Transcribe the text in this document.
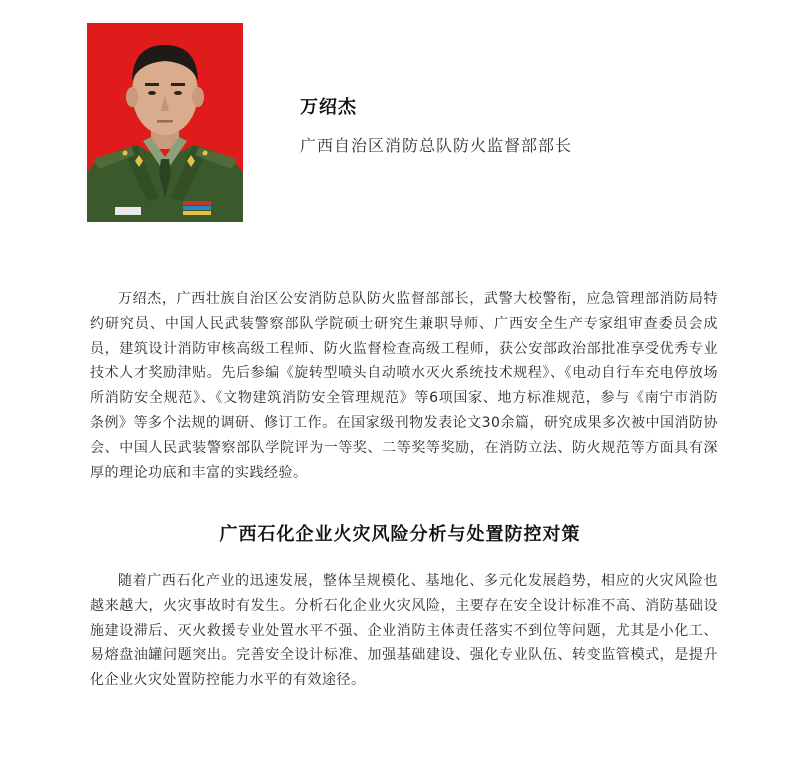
万绍杰
广西自治区消防总队防火监督部部长

万绍杰，广西壮族自治区公安消防总队防火监督部部长，武警大校警衔，应急管理部消防局特约研究员、中国人民武装警察部队学院硕士研究生兼职导师、广西安全生产专家组审查委员会成员，建筑设计消防审核高级工程师、防火监督检查高级工程师，获公安部政治部批准享受优秀专业技术人才奖励津贴。先后参编《旋转型喷头自动喷水灭火系统技术规程》、《电动自行车充电停放场所消防安全规范》、《文物建筑消防安全管理规范》等6项国家、地方标准规范，参与《南宁市消防条例》等多个法规的调研、修订工作。在国家级刊物发表论文30余篇，研究成果多次被中国消防协会、中国人民武装警察部队学院评为一等奖、二等奖等奖励，在消防立法、防火规范等方面具有深厚的理论功底和丰富的实践经验。

广西石化企业火灾风险分析与处置防控对策

随着广西石化产业的迅速发展，整体呈规模化、基地化、多元化发展趋势，相应的火灾风险也越来越大，火灾事故时有发生。分析石化企业火灾风险，主要存在安全设计标准不高、消防基础设施建设滞后、灭火救援专业处置水平不强、企业消防主体责任落实不到位等问题，尤其是小化工、易熔盘油罐问题突出。完善安全设计标准、加强基础建设、强化专业队伍、转变监管模式，是提升化企业火灾处置防控能力水平的有效途径。
